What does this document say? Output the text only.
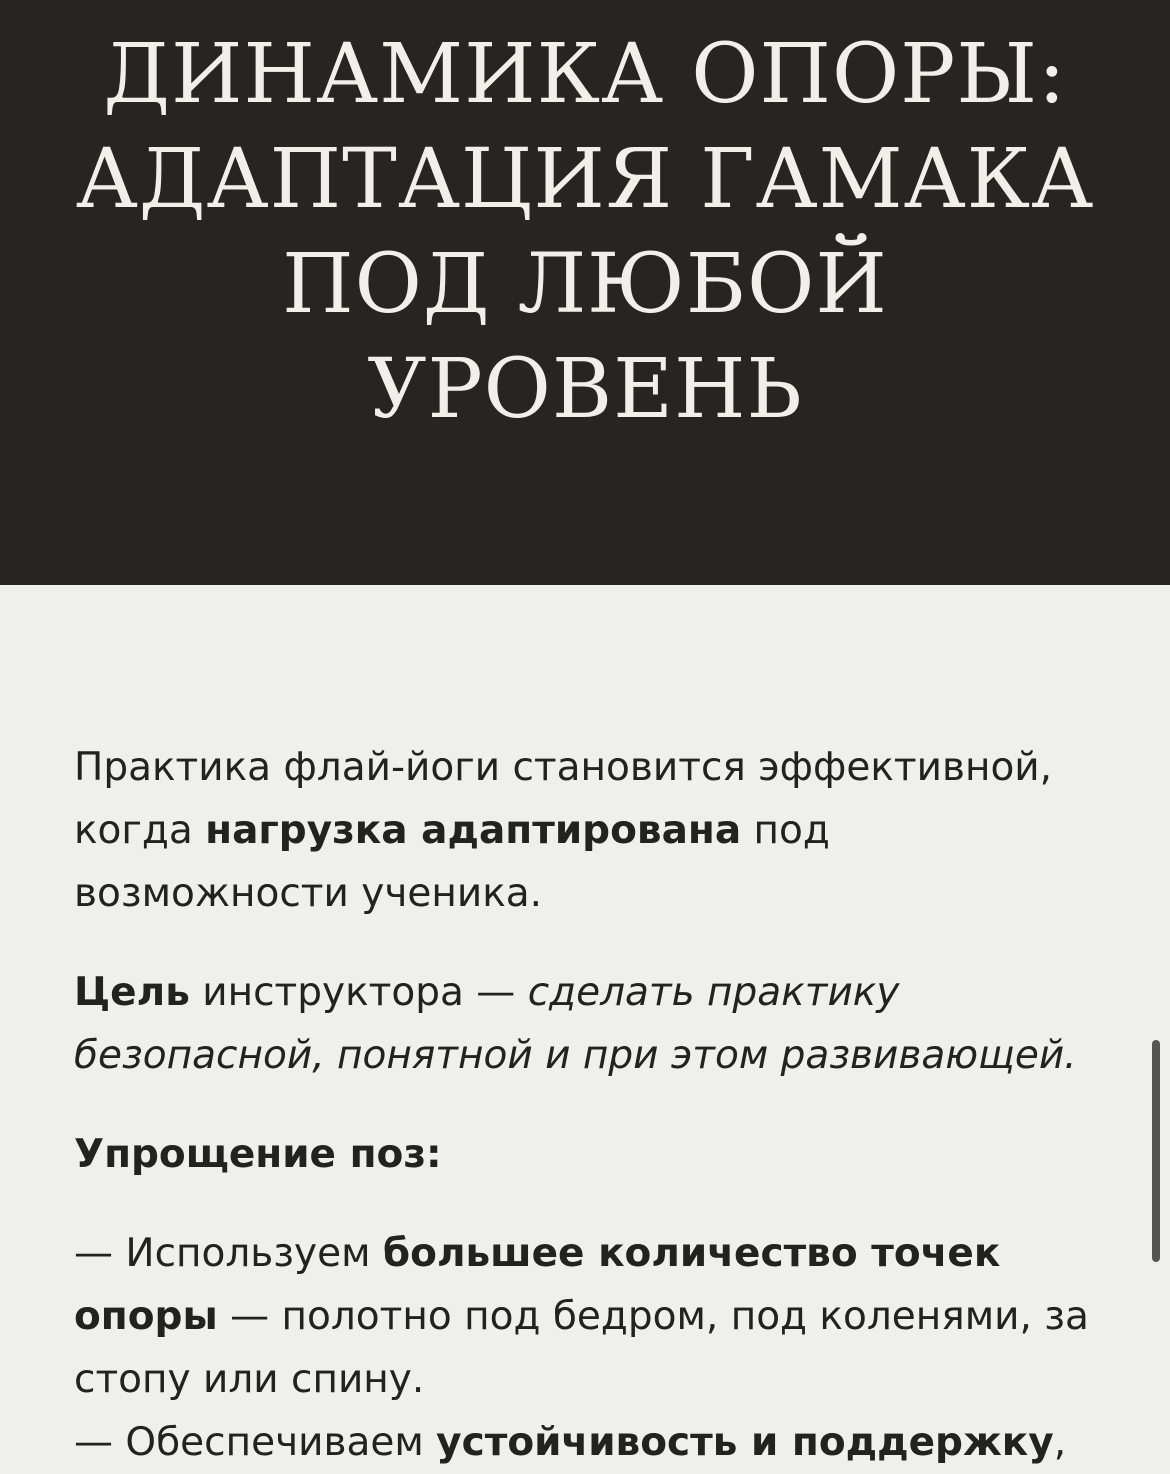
ДИНАМИКА ОПОРЫ:
АДАПТАЦИЯ ГАМАКА
ПОД ЛЮБОЙ
УРОВЕНЬ

Практика флай-йоги становится эффективной, когда нагрузка адаптирована под возможности ученика.

Цель инструктора — сделать практику безопасной, понятной и при этом развивающей.

Упрощение поз:

— Используем большее количество точек опоры — полотно под бедром, под коленями, за стопу или спину.
— Обеспечиваем устойчивость и поддержку,
